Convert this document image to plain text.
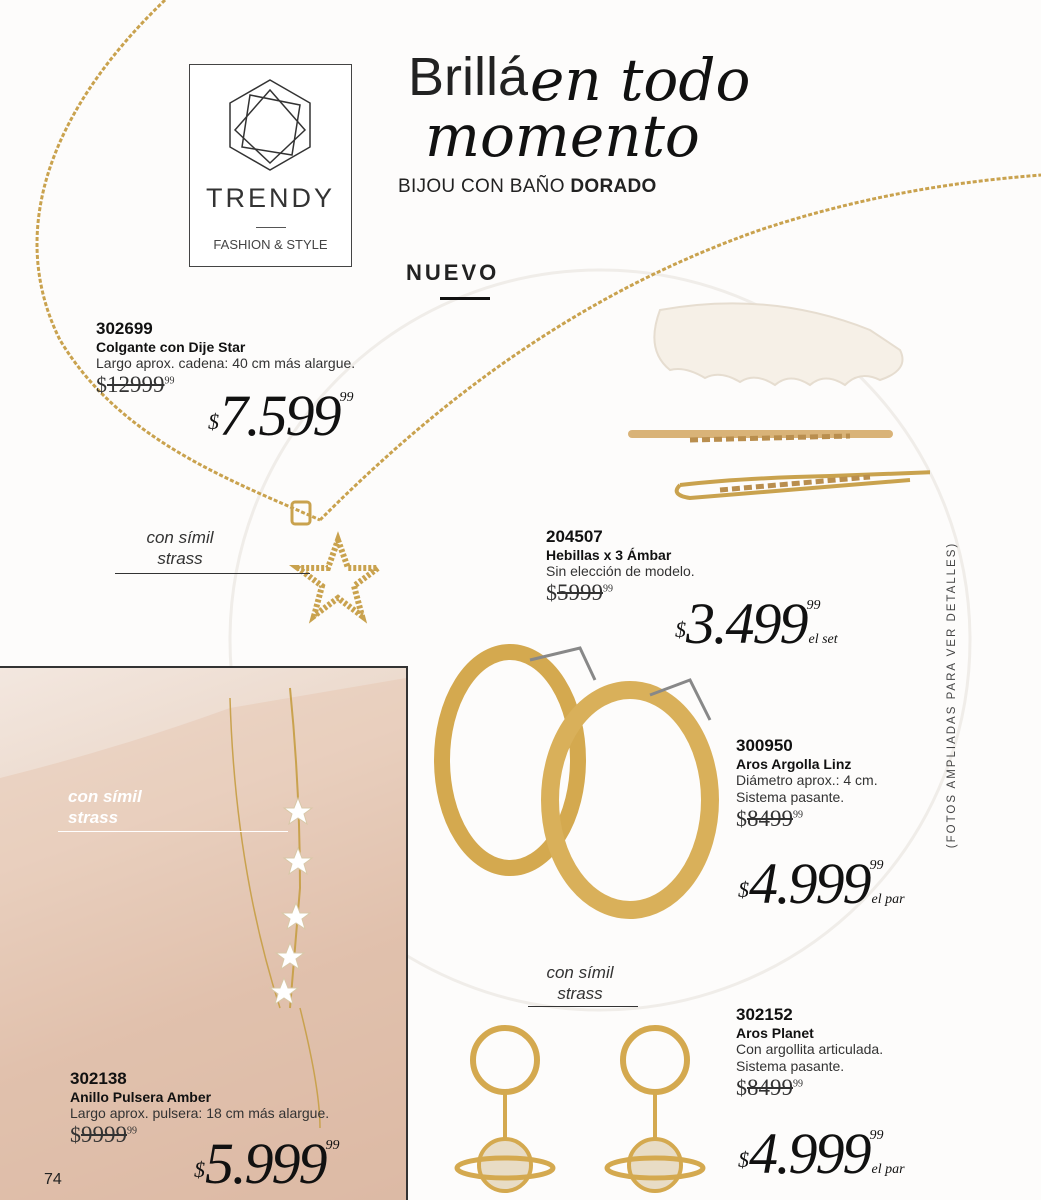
TRENDY
FASHION & STYLE
Brillá en todo
momento
BIJOU CON BAÑO DORADO
NUEVO
302699
Colgante con Dije Star
Largo aprox. cadena: 40 cm más alargue.
$12999$^{99}$
$7.59999
con símil
strass
204507
Hebillas x 3 Ámbar
Sin elección de modelo.
$5999$^{99}$
$3.49999el set
300950
Aros Argolla Linz
Diámetro aprox.: 4 cm.
Sistema pasante.
$8499$^{99}$
$4.99999el par
con símil
strass
302152
Aros Planet
Con argollita articulada.
Sistema pasante.
$8499$^{99}$
$4.99999el par
con símil
strass
302138
Anillo Pulsera Amber
Largo aprox. pulsera: 18 cm más alargue.
$9999$^{99}$
$5.99999
(FOTOS AMPLIADAS PARA VER DETALLES)
74
